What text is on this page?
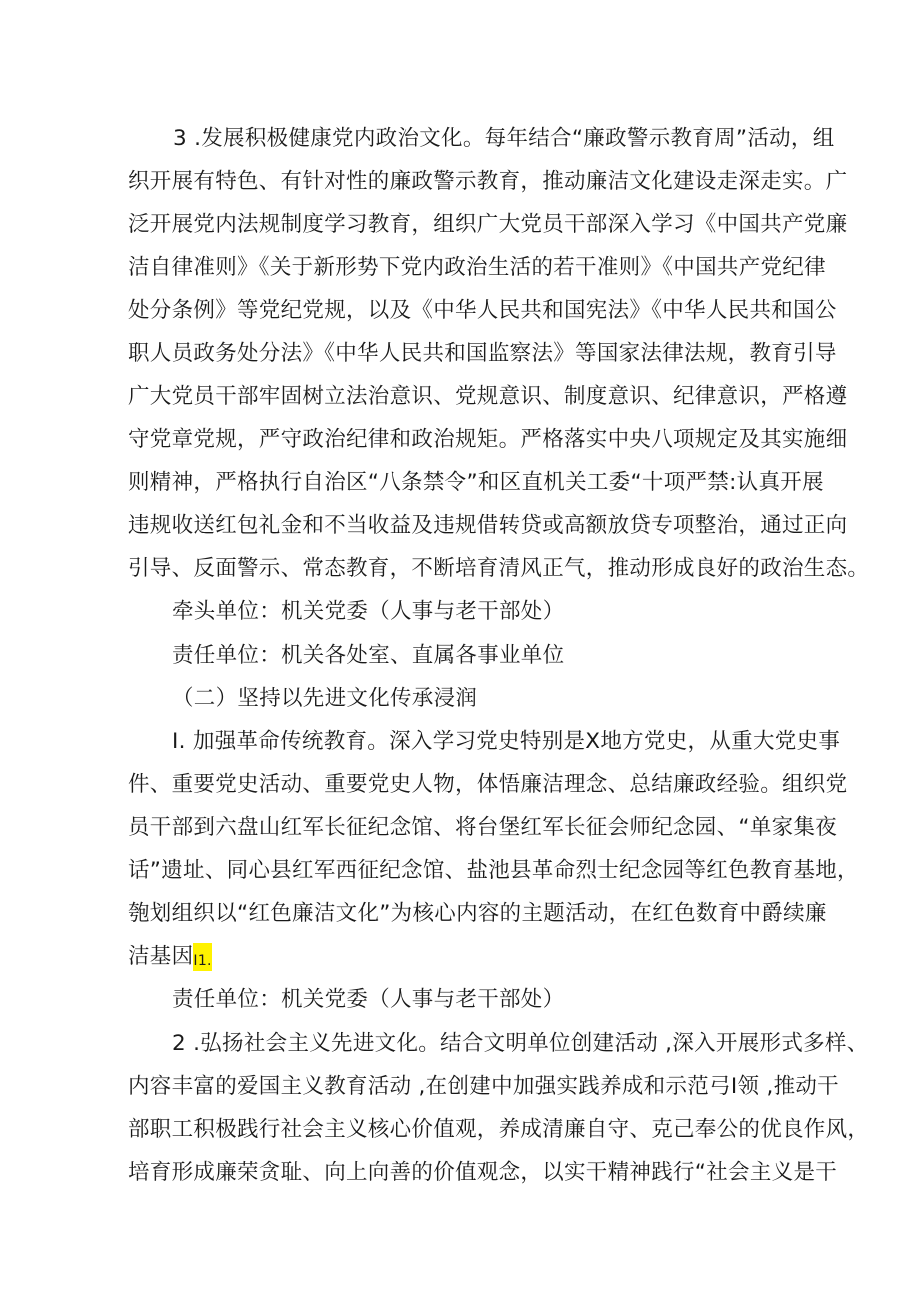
3 .发展积极健康党内政治文化。每年结合“廉政警示教育周”活动，组
织开展有特色、有针对性的廉政警示教育，推动廉洁文化建设走深走实。广
泛开展党内法规制度学习教育，组织广大党员干部深入学习《中国共产党廉
洁自律准则》《关于新形势下党内政治生活的若干准则》《中国共产党纪律
处分条例》等党纪党规，以及《中华人民共和国宪法》《中华人民共和国公
职人员政务处分法》《中华人民共和国监察法》等国家法律法规，教育引导
广大党员干部牢固树立法治意识、党规意识、制度意识、纪律意识，严格遵
守党章党规，严守政治纪律和政治规矩。严格落实中央八项规定及其实施细
则精神，严格执行自治区“八条禁令”和区直机关工委“十项严禁:认真开展
违规收送红包礼金和不当收益及违规借转贷或高额放贷专项整治，通过正向
引导、反面警示、常态教育，不断培育清风正气，推动形成良好的政治生态。
牵头单位：机关党委（人事与老干部处）
责任单位：机关各处室、直属各事业单位
（二）坚持以先进文化传承浸润
I. 加强革命传统教育。深入学习党史特别是X地方党史，从重大党史事
件、重要党史活动、重要党史人物，体悟廉洁理念、总结廉政经验。组织党
员干部到六盘山红军长征纪念馆、将台堡红军长征会师纪念园、“单家集夜
话”遗址、同心县红军西征纪念馆、盐池县革命烈士纪念园等红色教育基地，
匏划组织以“红色廉洁文化”为核心内容的主题活动，在红色数育中爵续廉
洁基因I1.
责任单位：机关党委（人事与老干部处）
2 .弘扬社会主义先进文化。结合文明单位创建活动 ,深入开展形式多样、
内容丰富的爱国主义教育活动 ,在创建中加强实践养成和示范弓I领 ,推动干
部职工积极践行社会主义核心价值观，养成清廉自守、克己奉公的优良作风，
培育形成廉荣贪耻、向上向善的价值观念，以实干精神践行“社会主义是干
